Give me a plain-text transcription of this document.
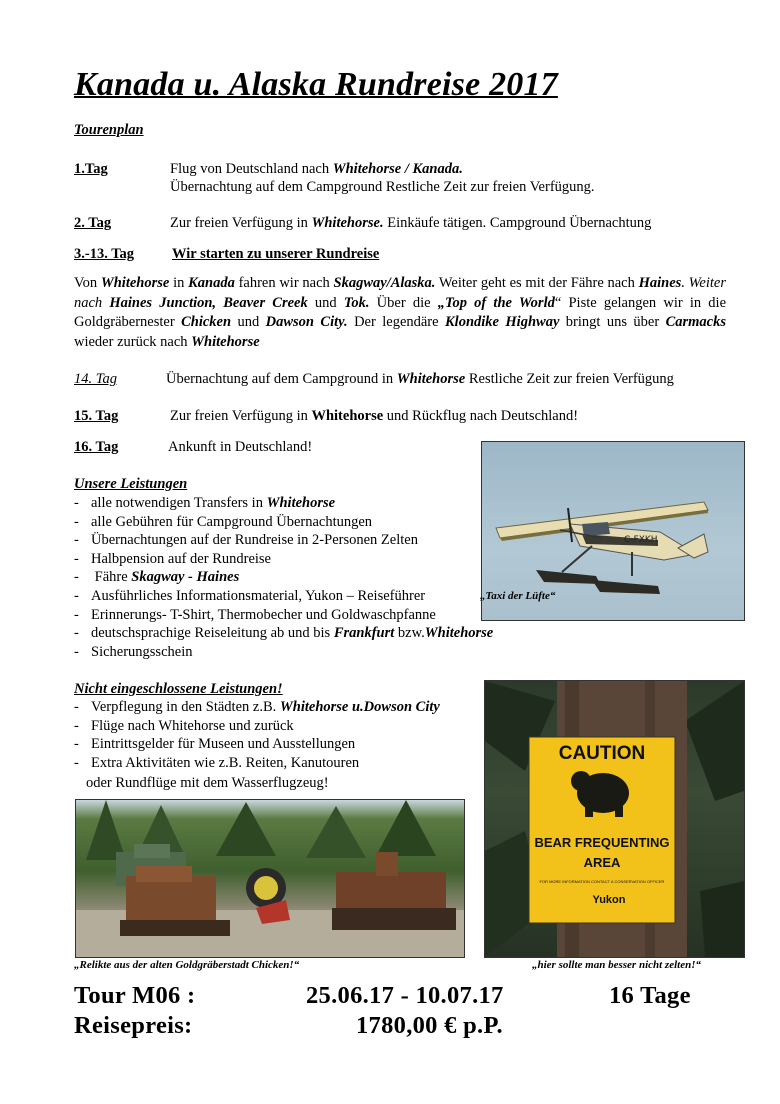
Kanada u. Alaska Rundreise 2017
Tourenplan
1.Tag	Flug von Deutschland nach Whitehorse / Kanada.
Übernachtung auf dem Campground Restliche Zeit zur freien Verfügung.
2. Tag	Zur freien Verfügung in Whitehorse. Einkäufe tätigen. Campground Übernachtung
3.-13. Tag	Wir starten zu unserer Rundreise
Von Whitehorse in Kanada fahren wir nach Skagway/Alaska. Weiter geht es mit der Fähre nach Haines. Weiter nach Haines Junction, Beaver Creek und Tok. Über die „Top of the World“ Piste gelangen wir in die Goldgräbernester Chicken und Dawson City. Der legendäre Klondike Highway bringt uns über Carmacks wieder zurück nach Whitehorse
14. Tag	Übernachtung auf dem Campground in Whitehorse Restliche Zeit zur freien Verfügung
15. Tag	Zur freien Verfügung in Whitehorse und Rückflug nach Deutschland!
16. Tag	Ankunft in Deutschland!
Unsere Leistungen
- alle notwendigen Transfers in Whitehorse
- alle Gebühren für Campground Übernachtungen
- Übernachtungen auf der Rundreise in 2-Personen Zelten
- Halbpension auf der Rundreise
- Fähre Skagway - Haines
- Ausführliches Informationsmaterial, Yukon – Reiseführer
- Erinnerungs- T-Shirt, Thermobecher und Goldwaschpfanne
- deutschsprachige Reiseleitung ab und bis Frankfurt bzw.Whitehorse
- Sicherungsschein
C-FXKH
„Taxi der Lüfte“
Nicht eingeschlossene Leistungen!
- Verpflegung in den Städten z.B. Whitehorse u.Dowson City
- Flüge nach Whitehorse und zurück
- Eintrittsgelder für Museen und Ausstellungen
- Extra Aktivitäten wie z.B. Reiten, Kanutouren
oder Rundflüge mit dem Wasserflugzeug!
„Relikte aus der alten Goldgräberstadt Chicken!“
CAUTION
BEAR FREQUENTING
AREA
FOR MORE INFORMATION CONTACT A CONSERVATION OFFICER
Yukon
„hier sollte man besser nicht zelten!“
Tour M06 :	25.06.17 - 10.07.17	16 Tage
Reisepreis:	1780,00 € p.P.
